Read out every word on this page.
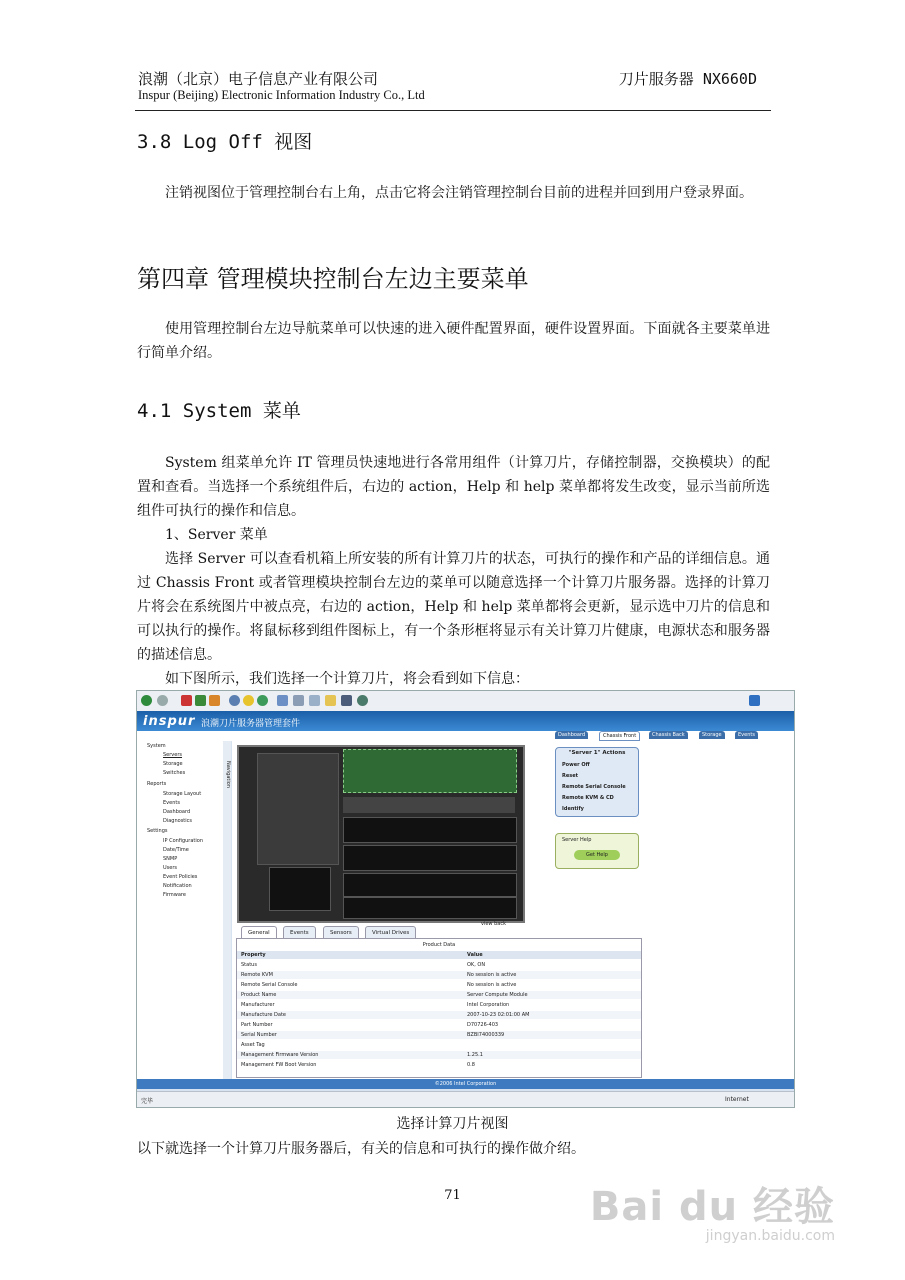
浪潮（北京）电子信息产业有限公司	刀片服务器 NX660D
Inspur (Beijing) Electronic Information Industry Co., Ltd
3.8 Log Off 视图

注销视图位于管理控制台右上角，点击它将会注销管理控制台目前的进程并回到用户登录界面。

第四章 管理模块控制台左边主要菜单

使用管理控制台左边导航菜单可以快速的进入硬件配置界面，硬件设置界面。下面就各主要菜单进行简单介绍。

4.1 System 菜单

System 组菜单允许 IT 管理员快速地进行各常用组件（计算刀片，存储控制器，交换模块）的配置和查看。当选择一个系统组件后，右边的 action，Help 和 help 菜单都将发生改变，显示当前所选组件可执行的操作和信息。

1、Server 菜单

选择 Server 可以查看机箱上所安装的所有计算刀片的状态，可执行的操作和产品的详细信息。通过 Chassis Front 或者管理模块控制台左边的菜单可以随意选择一个计算刀片服务器。选择的计算刀片将会在系统图片中被点亮，右边的 action，Help 和 help 菜单都将会更新，显示选中刀片的信息和可以执行的操作。将鼠标移到组件图标上，有一个条形框将显示有关计算刀片健康，电源状态和服务器的描述信息。

如下图所示，我们选择一个计算刀片，将会看到如下信息：

inspur 浪潮刀片服务器管理套件
Dashboard	Chassis Front	Chassis Back	Storage	Events
System
Servers
Storage
Switches
Reports
Storage Layout
Events
Dashboard
Diagnostics
Settings
IP Configuration
Date/Time
SNMP
Users
Event Policies
Notification
Firmware
Navigation
view back
"Server 1" Actions
Power Off
Reset
Remote Serial Console
Remote KVM & CD
Identify
Server Help
Get Help
General	Events	Sensors	Virtual Drives
Product Data
Property	Value
Status	OK, ON
Remote KVM	No session is active
Remote Serial Console	No session is active
Product Name	Server Compute Module
Manufacturer	Intel Corporation
Manufacture Date	2007-10-23 02:01:00 AM
Part Number	D70726-403
Serial Number	BZBI74000339
Asset Tag
Management Firmware Version	1.25.1
Management FW Boot Version	0.8
©2006 Intel Corporation
完毕	Internet
选择计算刀片视图
以下就选择一个计算刀片服务器后，有关的信息和可执行的操作做介绍。
71	Bai du 经验
jingyan.baidu.com
